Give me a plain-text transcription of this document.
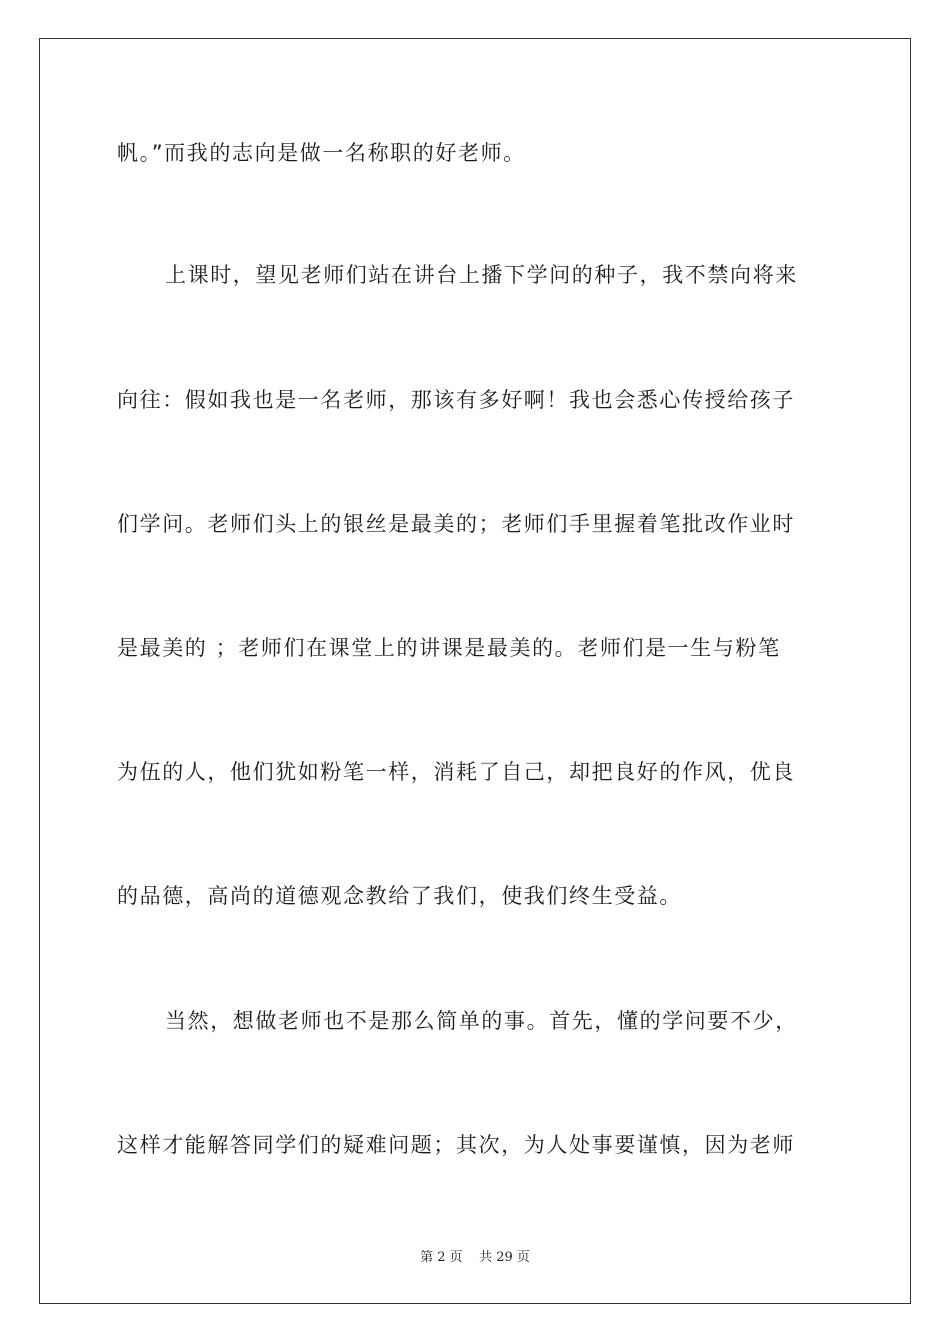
帆。”而我的志向是做一名称职的好老师。
上课时，望见老师们站在讲台上播下学问的种子，我不禁向将来
向往：假如我也是一名老师，那该有多好啊！我也会悉心传授给孩子
们学问。老师们头上的银丝是最美的；老师们手里握着笔批改作业时
是最美的 ；老师们在课堂上的讲课是最美的。老师们是一生与粉笔
为伍的人，他们犹如粉笔一样，消耗了自己，却把良好的作风，优良
的品德，高尚的道德观念教给了我们，使我们终生受益。
当然，想做老师也不是那么简单的事。首先，懂的学问要不少，
这样才能解答同学们的疑难问题；其次，为人处事要谨慎，因为老师
第 2 页    共 29 页
